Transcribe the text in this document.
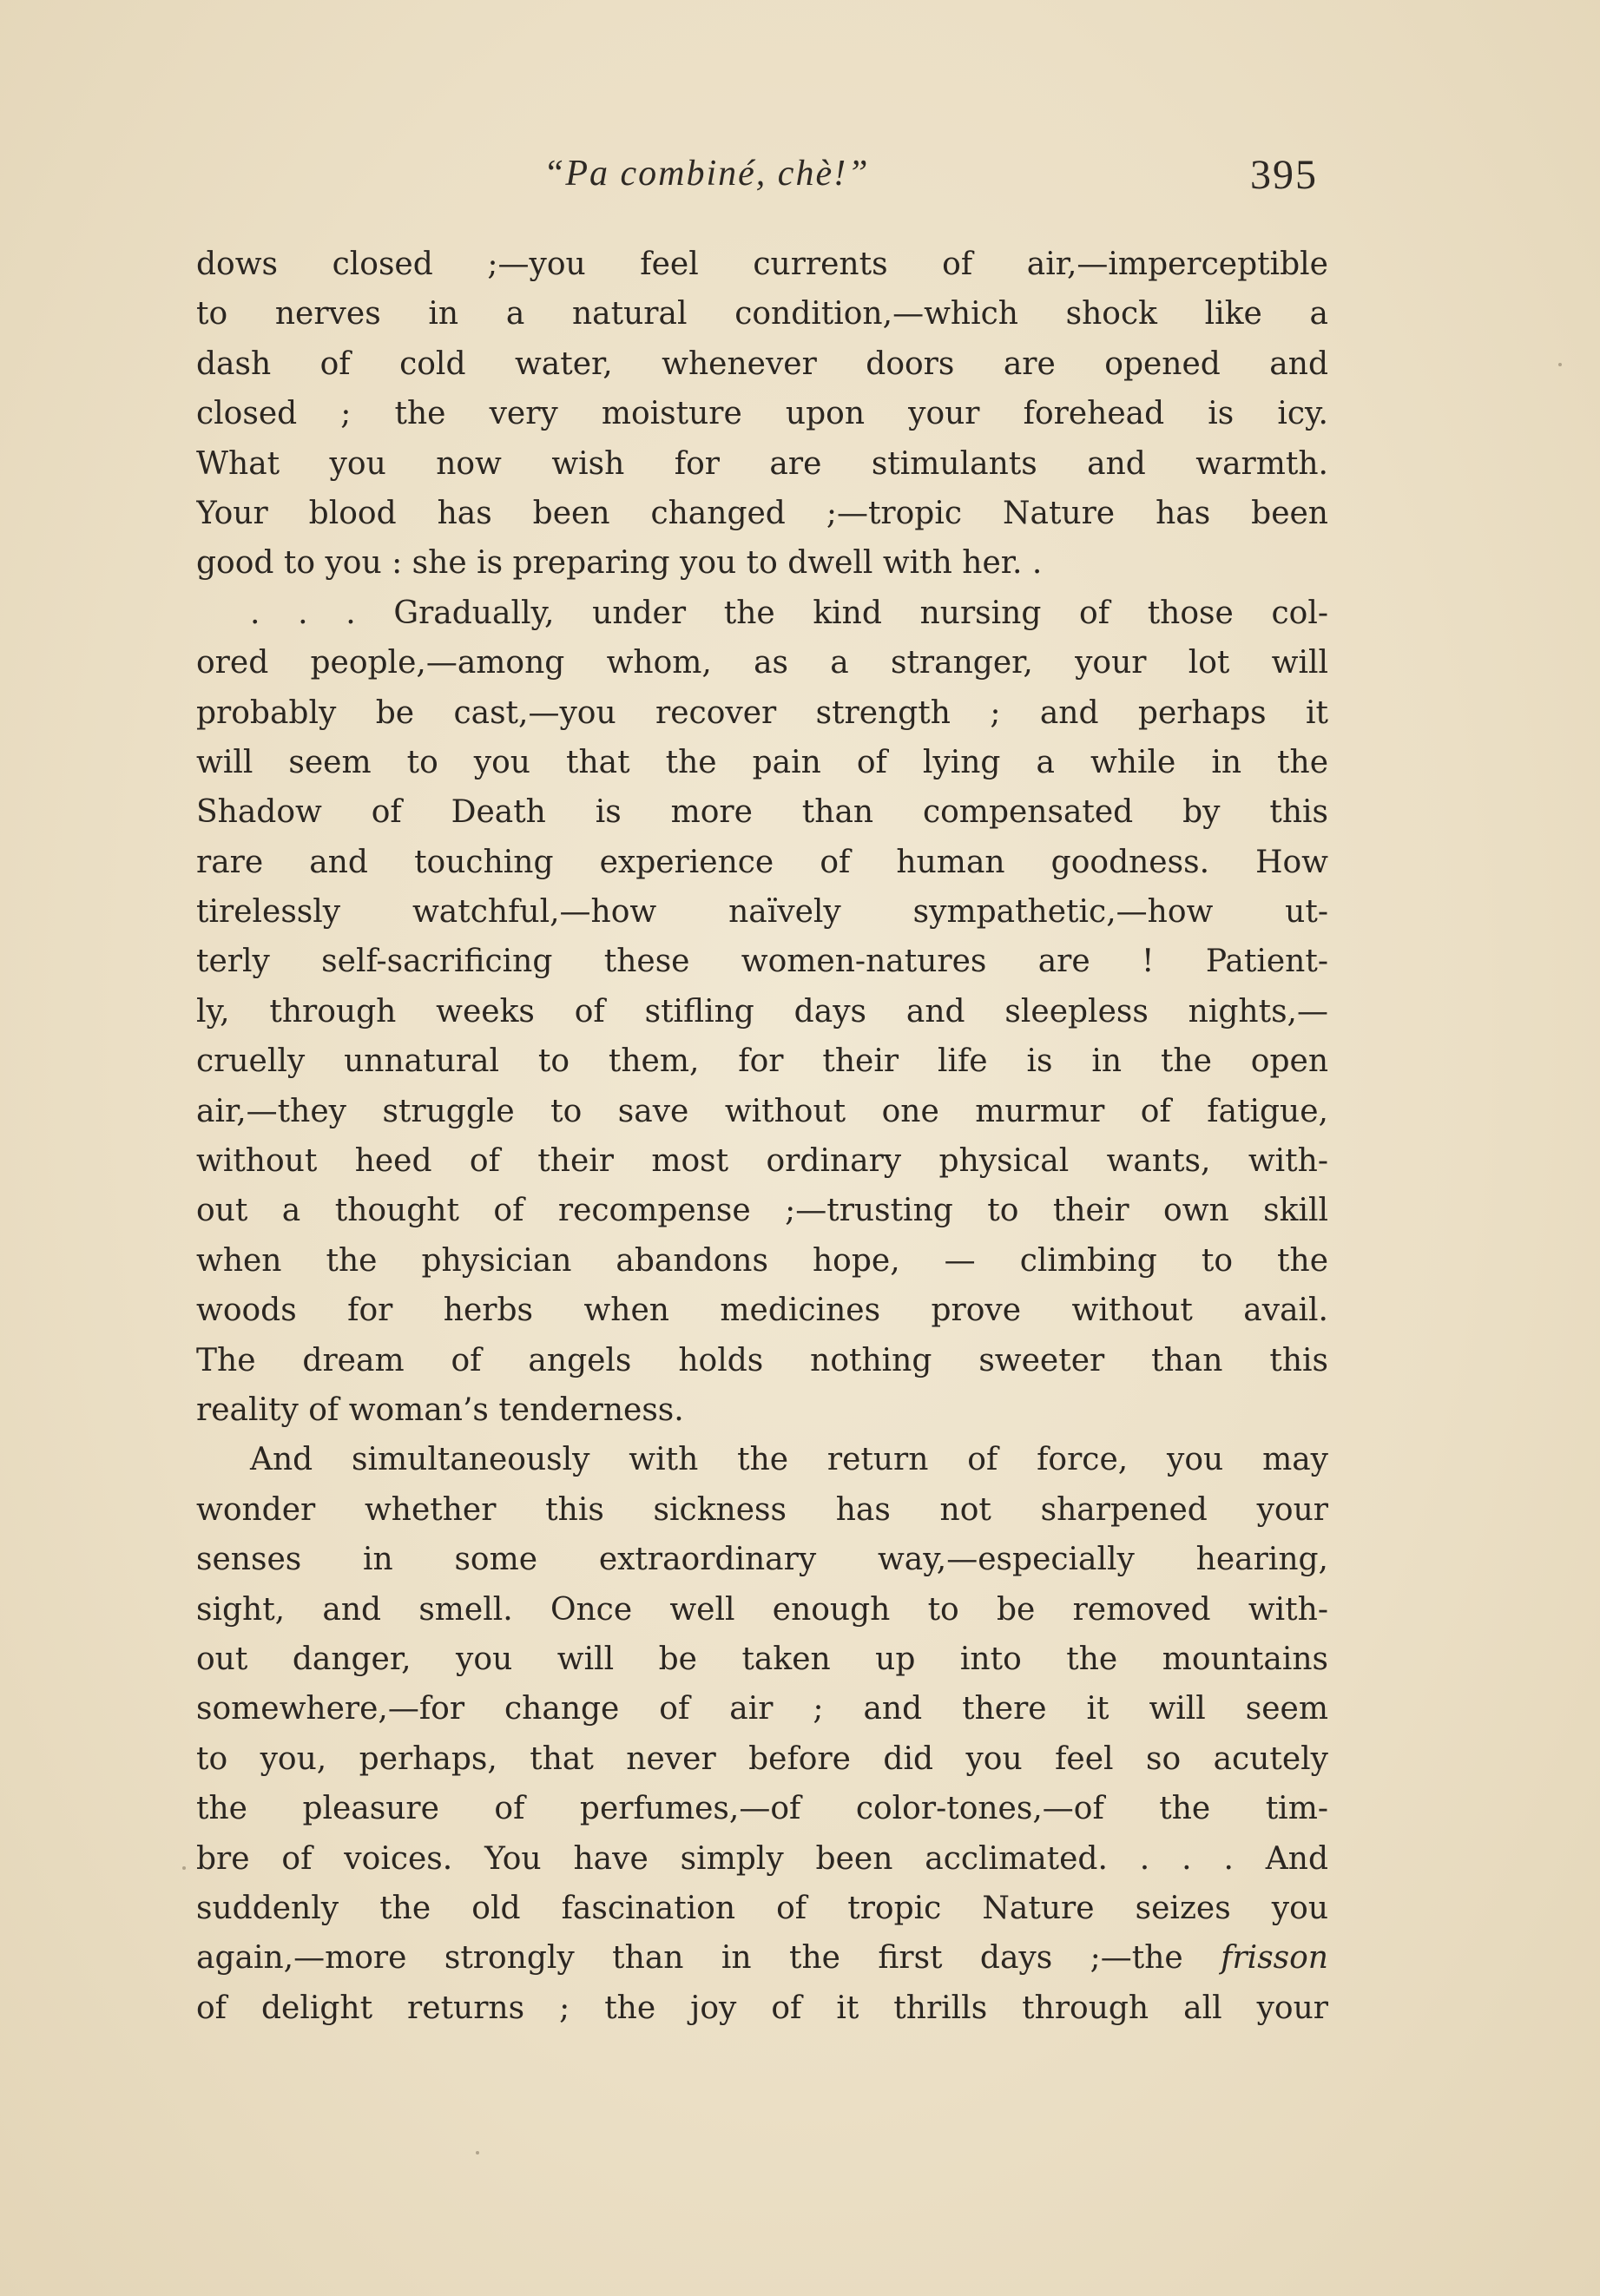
“Pa combiné, chè!”	395
dows closed ;—you feel currents of air,—imperceptible
to nerves in a natural condition,—which shock like a
dash of cold water, whenever doors are opened and
closed ; the very moisture upon your forehead is icy.
What you now wish for are stimulants and warmth.
Your blood has been changed ;—tropic Nature has been
good to you : she is preparing you to dwell with her. .
. . . Gradually, under the kind nursing of those col-
ored people,—among whom, as a stranger, your lot will
probably be cast,—you recover strength ; and perhaps it
will seem to you that the pain of lying a while in the
Shadow of Death is more than compensated by this
rare and touching experience of human goodness. How
tirelessly watchful,—how naïvely sympathetic,—how ut-
terly self-sacrificing these women-natures are ! Patient-
ly, through weeks of stifling days and sleepless nights,—
cruelly unnatural to them, for their life is in the open
air,—they struggle to save without one murmur of fatigue,
without heed of their most ordinary physical wants, with-
out a thought of recompense ;—trusting to their own skill
when the physician abandons hope, — climbing to the
woods for herbs when medicines prove without avail.
The dream of angels holds nothing sweeter than this
reality of woman’s tenderness.
And simultaneously with the return of force, you may
wonder whether this sickness has not sharpened your
senses in some extraordinary way,—especially hearing,
sight, and smell. Once well enough to be removed with-
out danger, you will be taken up into the mountains
somewhere,—for change of air ; and there it will seem
to you, perhaps, that never before did you feel so acutely
the pleasure of perfumes,—of color-tones,—of the tim-
bre of voices. You have simply been acclimated. . . . And
suddenly the old fascination of tropic Nature seizes you
again,—more strongly than in the first days ;—the frisson
of delight returns ; the joy of it thrills through all your
